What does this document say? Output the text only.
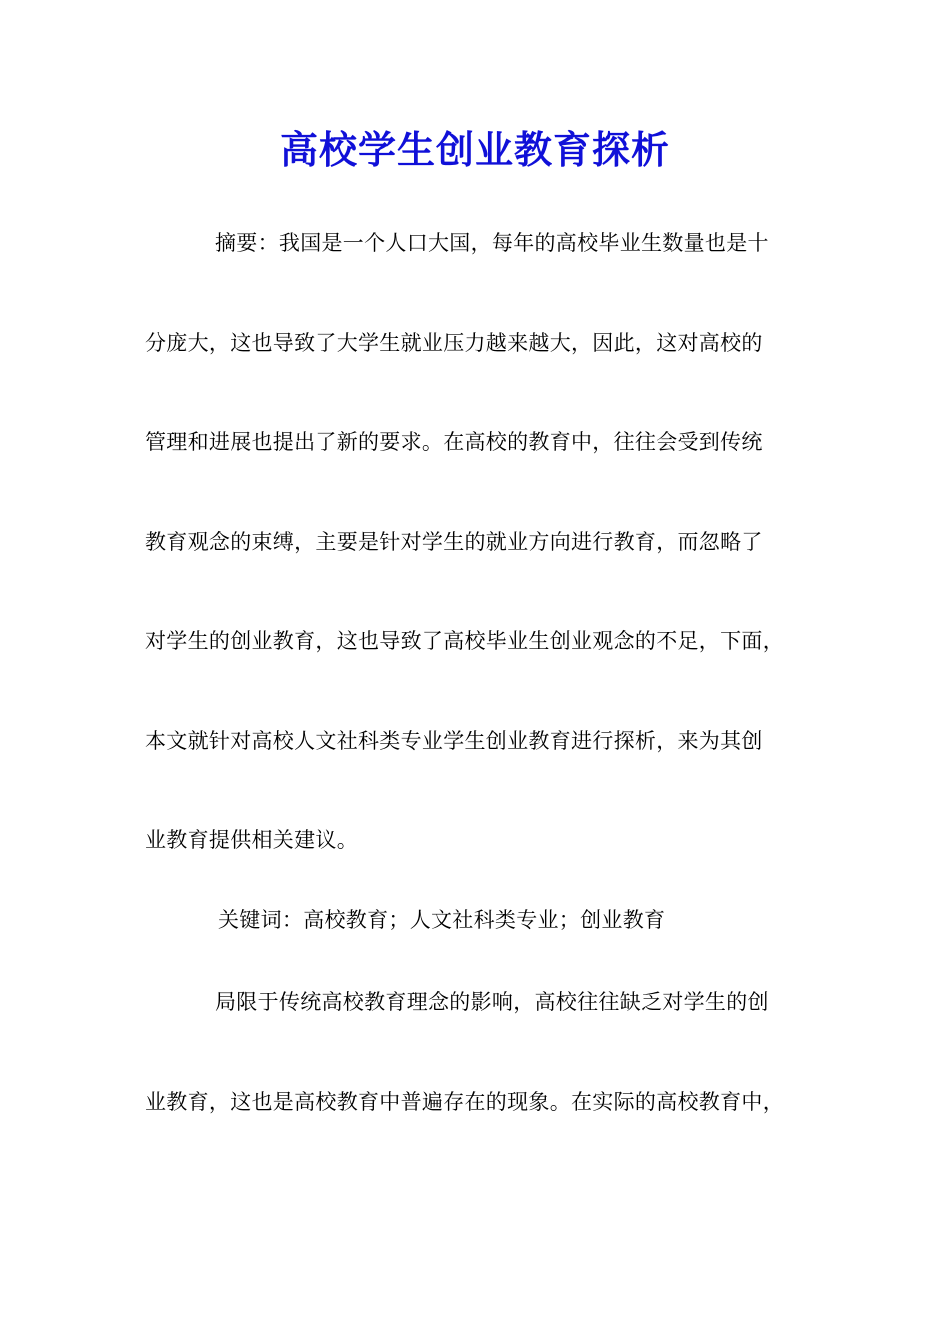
高校学生创业教育探析
摘要：我国是一个人口大国，每年的高校毕业生数量也是十
分庞大，这也导致了大学生就业压力越来越大，因此，这对高校的
管理和进展也提出了新的要求。在高校的教育中，往往会受到传统
教育观念的束缚，主要是针对学生的就业方向进行教育，而忽略了
对学生的创业教育，这也导致了高校毕业生创业观念的不足，下面，
本文就针对高校人文社科类专业学生创业教育进行探析，来为其创
业教育提供相关建议。
关键词：高校教育；人文社科类专业；创业教育
局限于传统高校教育理念的影响，高校往往缺乏对学生的创
业教育，这也是高校教育中普遍存在的现象。在实际的高校教育中，
